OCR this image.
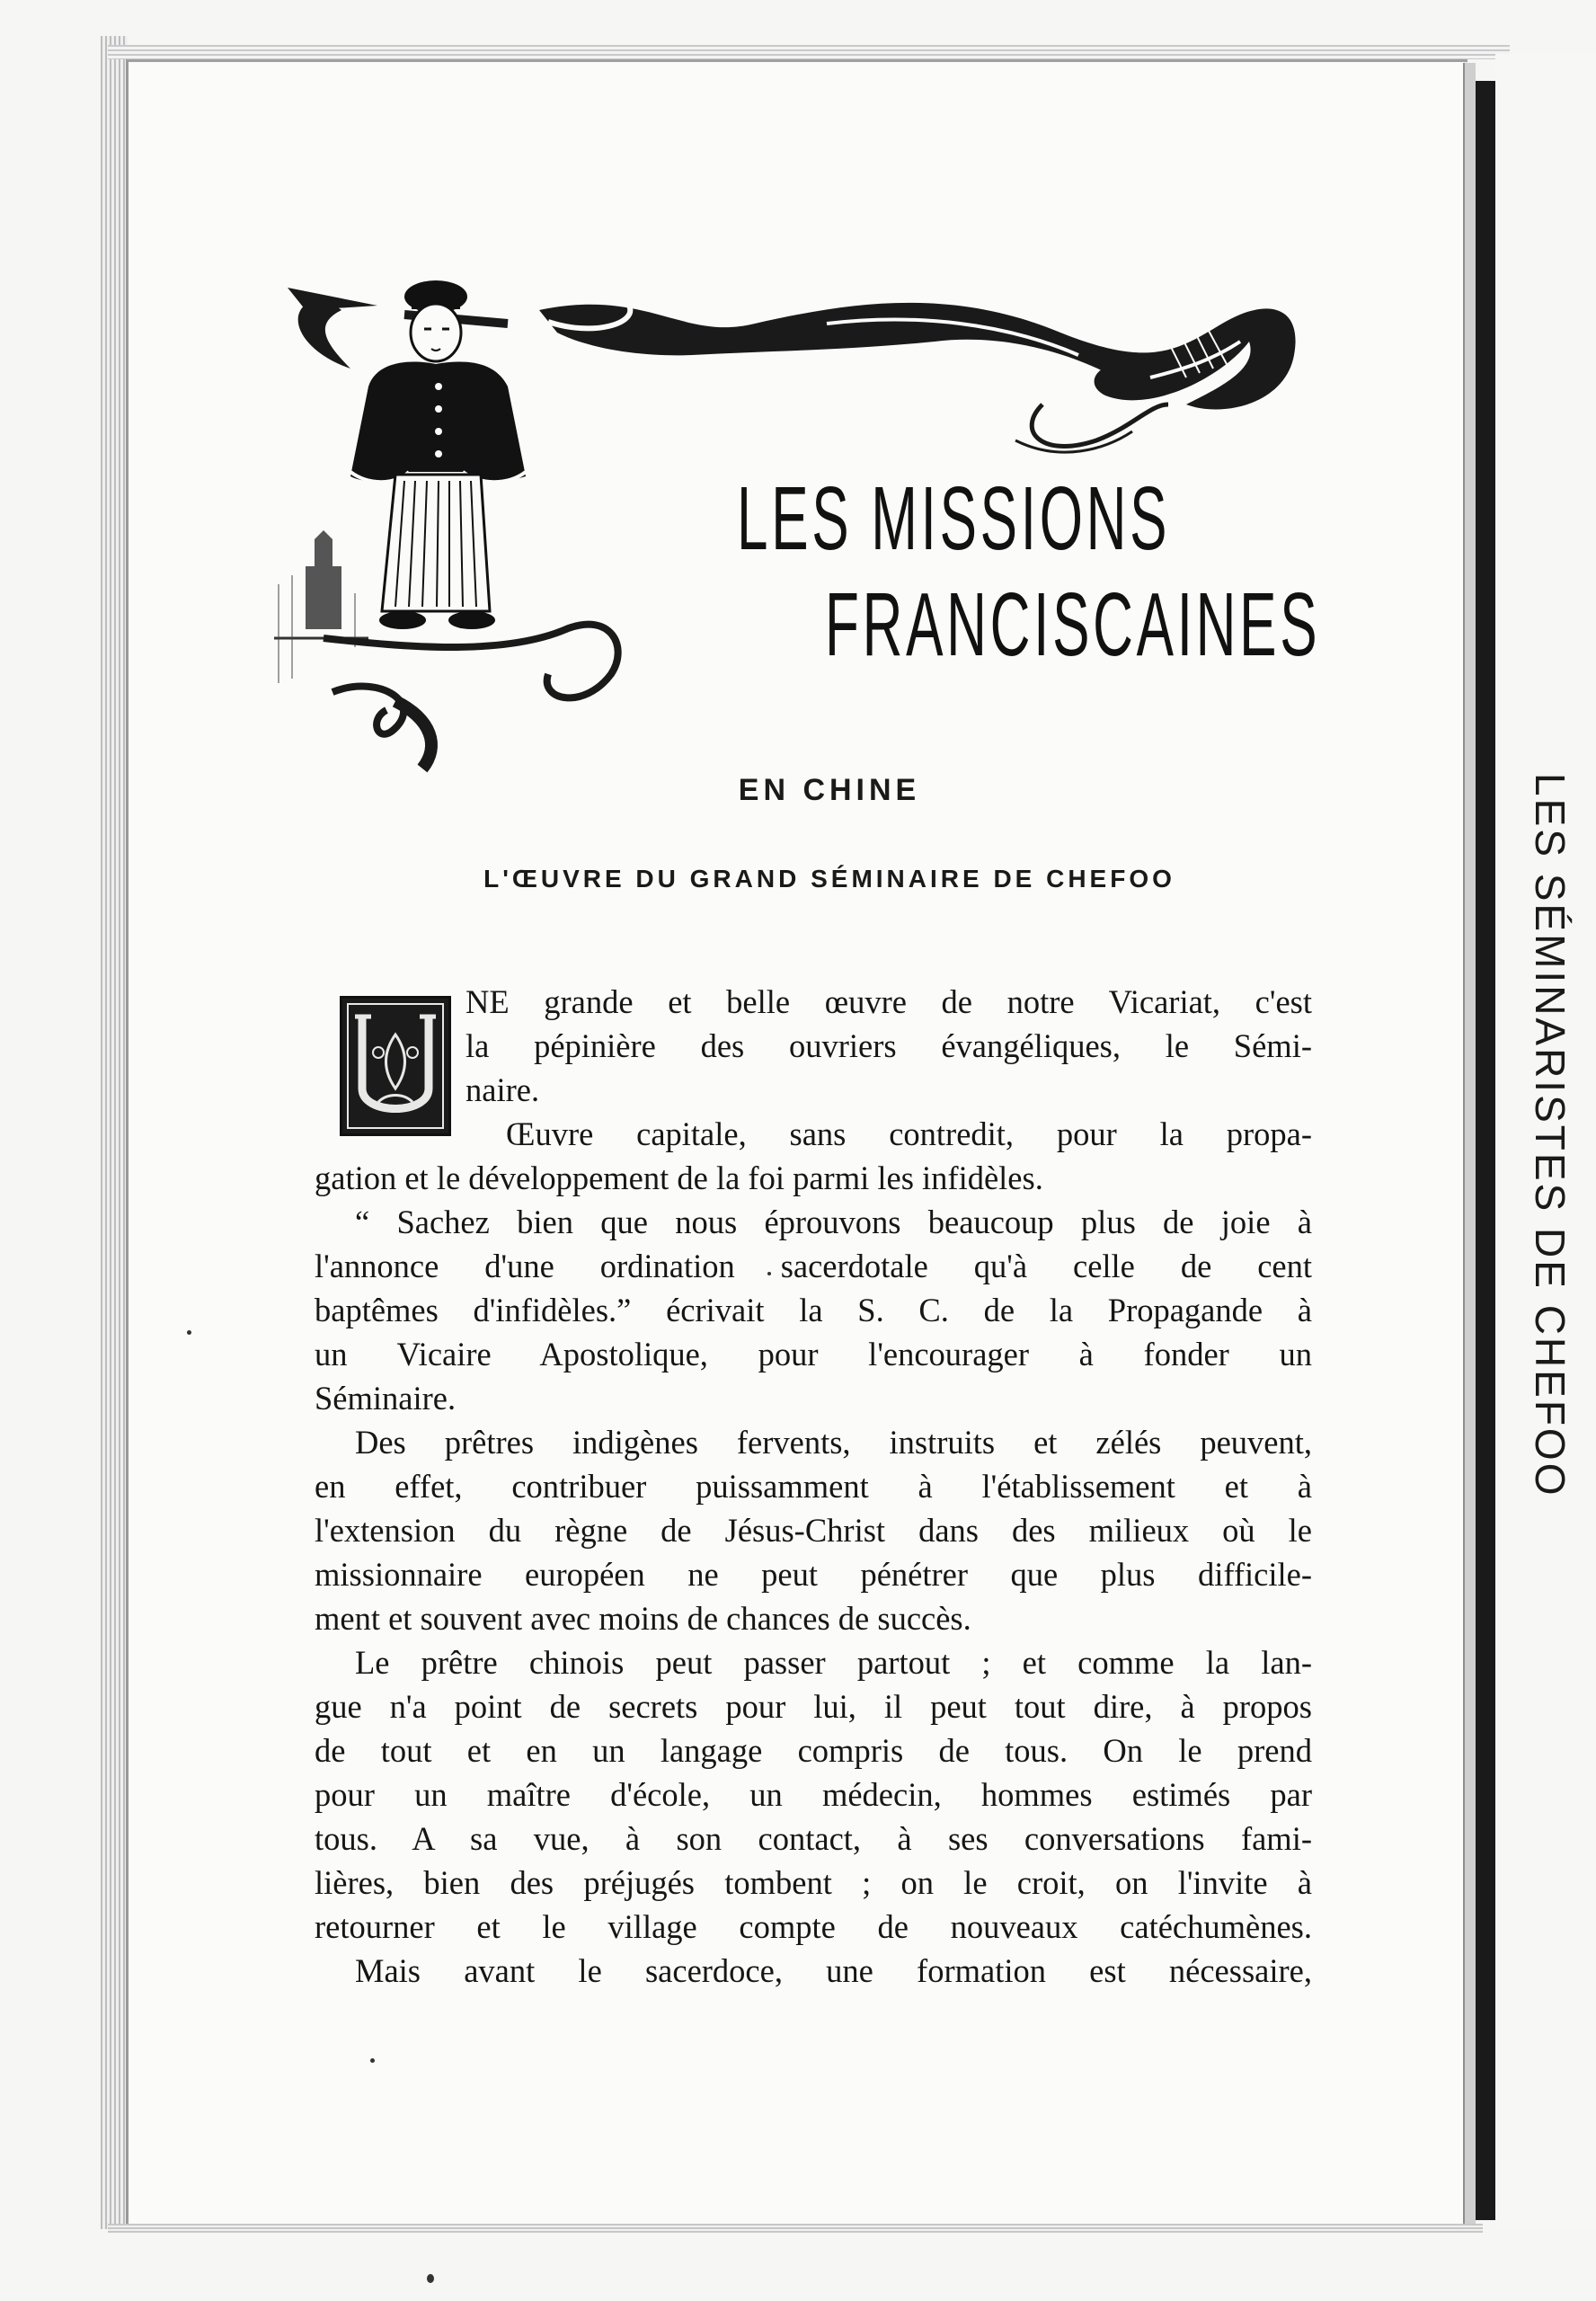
LES SÉMINARISTES DE CHEFOO
LES MISSIONS
FRANCISCAINES
EN CHINE
L'ŒUVRE DU GRAND SÉMINAIRE DE CHEFOO

NE grande et belle œuvre de notre Vicariat, c'est
la pépinière des ouvriers évangéliques, le Sémi-

naire.

Œuvre capitale, sans contredit, pour la propa-

gation et le développement de la foi parmi les infidèles.

“ Sachez bien que nous éprouvons beaucoup plus de joie à
l'annonce d'une ordination sacerdotale qu'à celle de cent
baptêmes d'infidèles.” écrivait la S. C. de la Propagande à
un Vicaire Apostolique, pour l'encourager à fonder un

Séminaire.

Des prêtres indigènes fervents, instruits et zélés peuvent,
en effet, contribuer puissamment à l'établissement et à
l'extension du règne de Jésus-Christ dans des milieux où le
missionnaire européen ne peut pénétrer que plus difficile-

ment et souvent avec moins de chances de succès.

Le prêtre chinois peut passer partout ; et comme la lan-
gue n'a point de secrets pour lui, il peut tout dire, à propos
de tout et en un langage compris de tous. On le prend
pour un maître d'école, un médecin, hommes estimés par
tous. A sa vue, à son contact, à ses conversations fami-
lières, bien des préjugés tombent ; on le croit, on l'invite à
retourner et le village compte de nouveaux catéchumènes.

Mais avant le sacerdoce, une formation est nécessaire,
